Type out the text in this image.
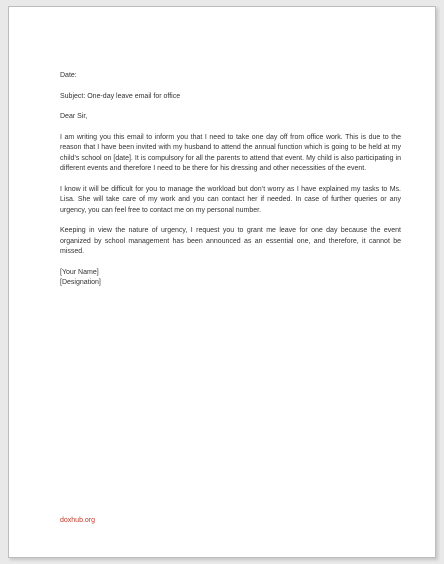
Date:

Subject: One-day leave email for office

Dear Sir,

I am writing you this email to inform you that I need to take one day off from office work. This is due to the reason that I have been invited with my husband to attend the annual function which is going to be held at my child’s school on [date]. It is compulsory for all the parents to attend that event. My child is also participating in different events and therefore I need to be there for his dressing and other necessities of the event.

I know it will be difficult for you to manage the workload but don’t worry as I have explained my tasks to Ms. Lisa. She will take care of my work and you can contact her if needed. In case of further queries or any urgency, you can feel free to contact me on my personal number.

Keeping in view the nature of urgency, I request you to grant me leave for one day because the event organized by school management has been announced as an essential one, and therefore, it cannot be missed.

[Your Name]

[Designation]

doxhub.org
